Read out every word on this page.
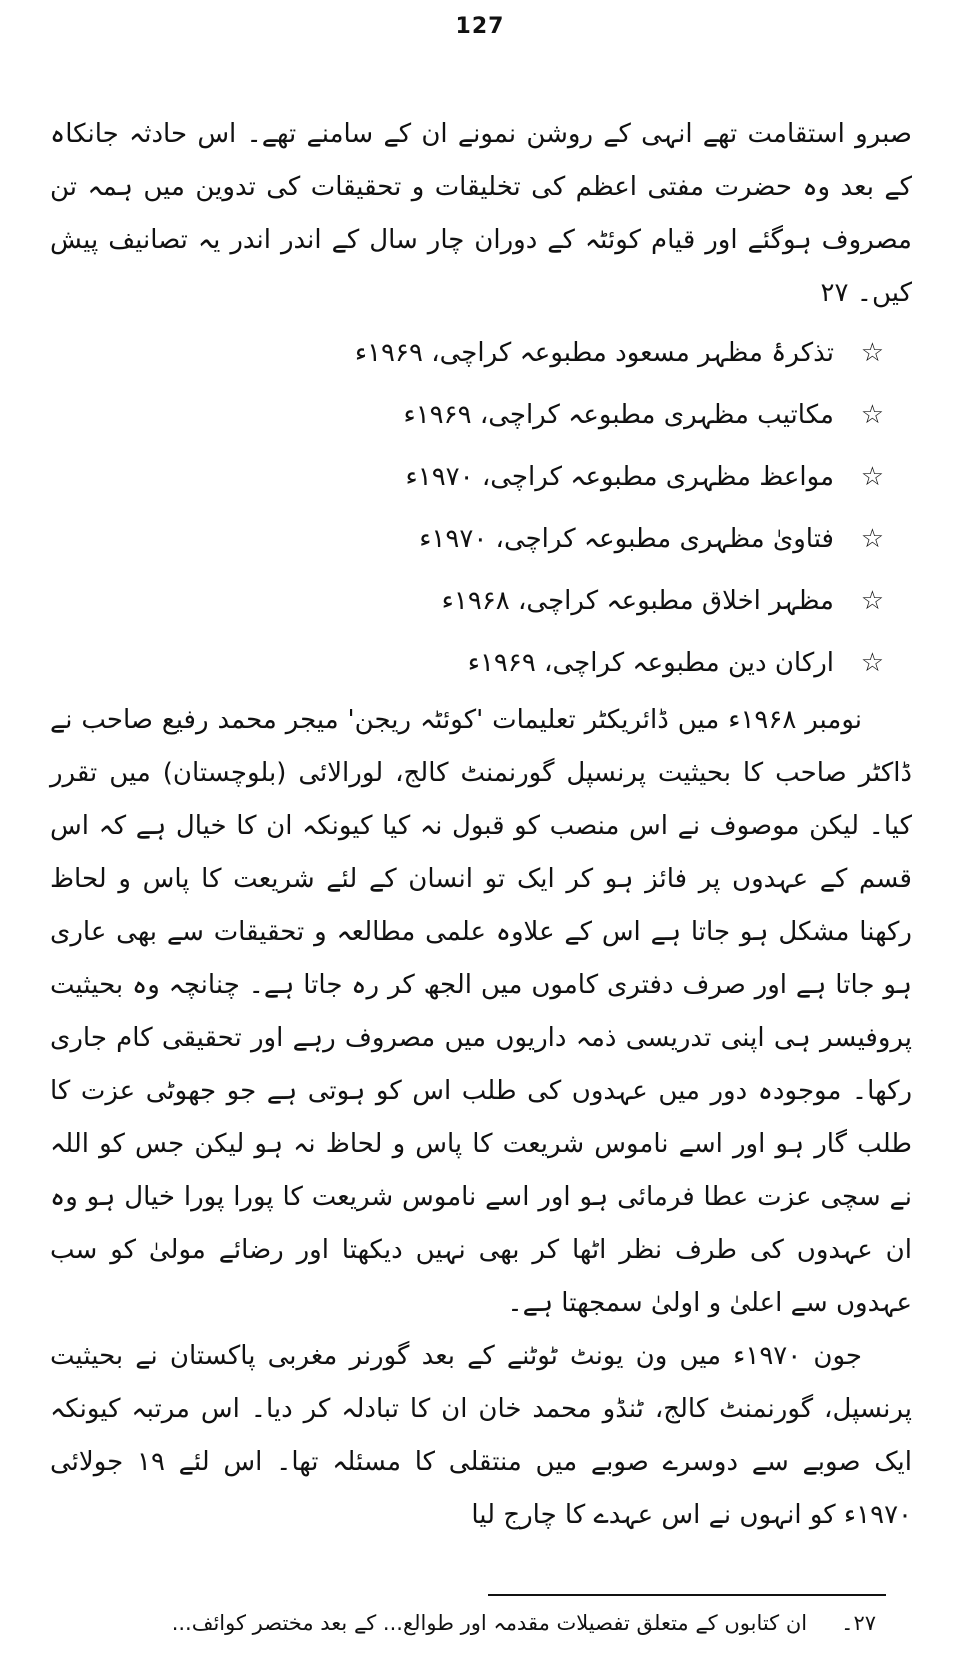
127

صبرو استقامت تھے انہی کے روشن نمونے ان کے سامنے تھے۔ اس حادثہ جانکاہ کے بعد وہ حضرت مفتی اعظم کی تخلیقات و تحقیقات کی تدوین میں ہمہ تن مصروف ہوگئے اور قیام کوئٹہ کے دوران چار سال کے اندر اندر یہ تصانیف پیش کیں۔ ۲۷

☆تذکرۂ مظہر مسعود مطبوعہ کراچی، ۱۹۶۹ء
☆مکاتیب مظہری مطبوعہ کراچی، ۱۹۶۹ء
☆مواعظ مظہری مطبوعہ کراچی، ۱۹۷۰ء
☆فتاویٰ مظہری مطبوعہ کراچی، ۱۹۷۰ء
☆مظہر اخلاق مطبوعہ کراچی، ۱۹۶۸ء
☆ارکان دین مطبوعہ کراچی، ۱۹۶۹ء

نومبر ۱۹۶۸ء میں ڈائریکٹر تعلیمات 'کوئٹہ ریجن' میجر محمد رفیع صاحب نے ڈاکٹر صاحب کا بحیثیت پرنسپل گورنمنٹ کالج، لورالائی (بلوچستان) میں تقرر کیا۔ لیکن موصوف نے اس منصب کو قبول نہ کیا کیونکہ ان کا خیال ہے کہ اس قسم کے عہدوں پر فائز ہو کر ایک تو انسان کے لئے شریعت کا پاس و لحاظ رکھنا مشکل ہو جاتا ہے اس کے علاوہ علمی مطالعہ و تحقیقات سے بھی عاری ہو جاتا ہے اور صرف دفتری کاموں میں الجھ کر رہ جاتا ہے۔ چنانچہ وہ بحیثیت پروفیسر ہی اپنی تدریسی ذمہ داریوں میں مصروف رہے اور تحقیقی کام جاری رکھا۔ موجودہ دور میں عہدوں کی طلب اس کو ہوتی ہے جو جھوٹی عزت کا طلب گار ہو اور اسے ناموس شریعت کا پاس و لحاظ نہ ہو لیکن جس کو اللہ نے سچی عزت عطا فرمائی ہو اور اسے ناموس شریعت کا پورا پورا خیال ہو وہ ان عہدوں کی طرف نظر اٹھا کر بھی نہیں دیکھتا اور رضائے مولیٰ کو سب عہدوں سے اعلیٰ و اولیٰ سمجھتا ہے۔

جون ۱۹۷۰ء میں ون یونٹ ٹوٹنے کے بعد گورنر مغربی پاکستان نے بحیثیت پرنسپل، گورنمنٹ کالج، ٹنڈو محمد خان ان کا تبادلہ کر دیا۔ اس مرتبہ کیونکہ ایک صوبے سے دوسرے صوبے میں منتقلی کا مسئلہ تھا۔ اس لئے ۱۹ جولائی ۱۹۷۰ء کو انہوں نے اس عہدے کا چارج لیا

۲۷۔ان کتابوں کے متعلق تفصیلات مقدمہ اور طوالع... کے بعد مختصر کوائف...
